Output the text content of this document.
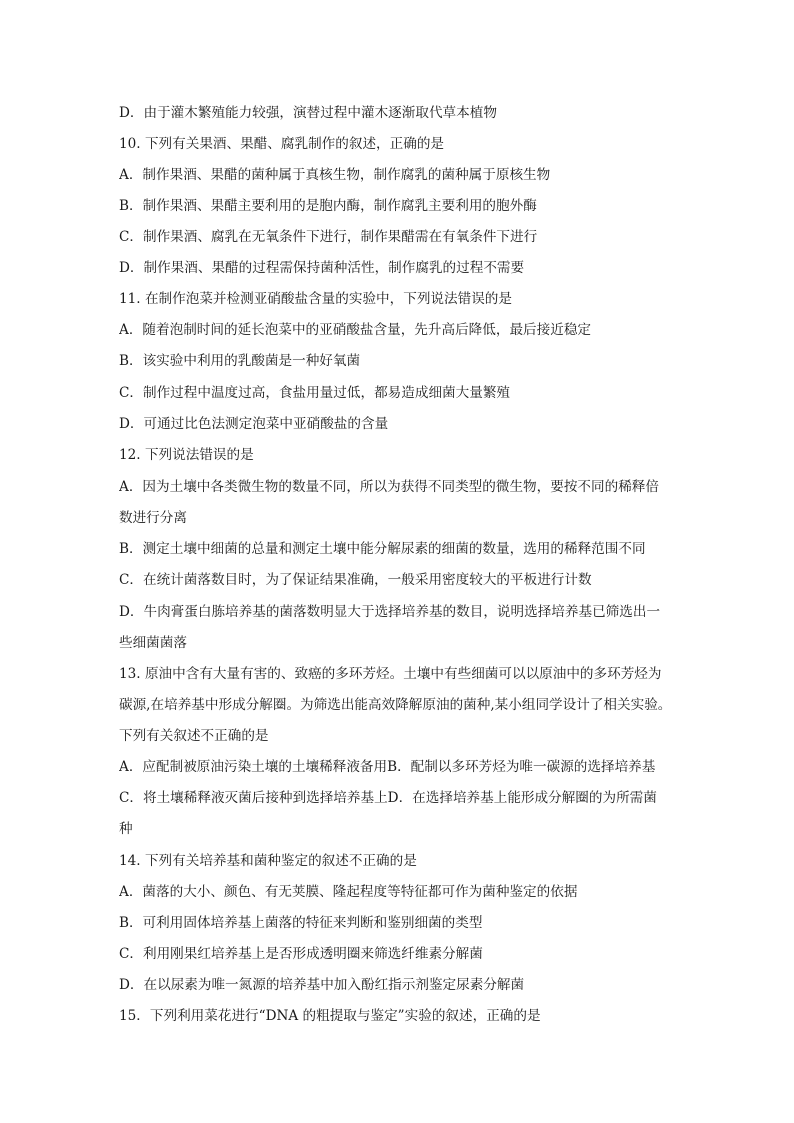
D．由于灌木繁殖能力较强，演替过程中灌木逐渐取代草本植物
10. 下列有关果酒、果醋、腐乳制作的叙述，正确的是
A．制作果酒、果醋的菌种属于真核生物，制作腐乳的菌种属于原核生物
B．制作果酒、果醋主要利用的是胞内酶，制作腐乳主要利用的胞外酶
C．制作果酒、腐乳在无氧条件下进行，制作果醋需在有氧条件下进行
D．制作果酒、果醋的过程需保持菌种活性，制作腐乳的过程不需要
11. 在制作泡菜并检测亚硝酸盐含量的实验中，下列说法错误的是
A．随着泡制时间的延长泡菜中的亚硝酸盐含量，先升高后降低，最后接近稳定
B．该实验中利用的乳酸菌是一种好氧菌
C．制作过程中温度过高，食盐用量过低，都易造成细菌大量繁殖
D．可通过比色法测定泡菜中亚硝酸盐的含量
12. 下列说法错误的是
A．因为土壤中各类微生物的数量不同，所以为获得不同类型的微生物，要按不同的稀释倍
数进行分离
B．测定土壤中细菌的总量和测定土壤中能分解尿素的细菌的数量，选用的稀释范围不同
C．在统计菌落数目时，为了保证结果准确，一般采用密度较大的平板进行计数
D．牛肉膏蛋白胨培养基的菌落数明显大于选择培养基的数目，说明选择培养基已筛选出一
些细菌菌落
13. 原油中含有大量有害的、致癌的多环芳烃。土壤中有些细菌可以以原油中的多环芳烃为
碳源,在培养基中形成分解圈。为筛选出能高效降解原油的菌种,某小组同学设计了相关实验。
下列有关叙述不正确的是
A．应配制被原油污染土壤的土壤稀释液备用B．配制以多环芳烃为唯一碳源的选择培养基
C．将土壤稀释液灭菌后接种到选择培养基上D．在选择培养基上能形成分解圈的为所需菌
种
14. 下列有关培养基和菌种鉴定的叙述不正确的是
A．菌落的大小、颜色、有无荚膜、隆起程度等特征都可作为菌种鉴定的依据
B．可利用固体培养基上菌落的特征来判断和鉴别细菌的类型
C．利用刚果红培养基上是否形成透明圈来筛选纤维素分解菌
D．在以尿素为唯一氮源的培养基中加入酚红指示剂鉴定尿素分解菌
15．下列利用菜花进行“DNA 的粗提取与鉴定”实验的叙述，正确的是
